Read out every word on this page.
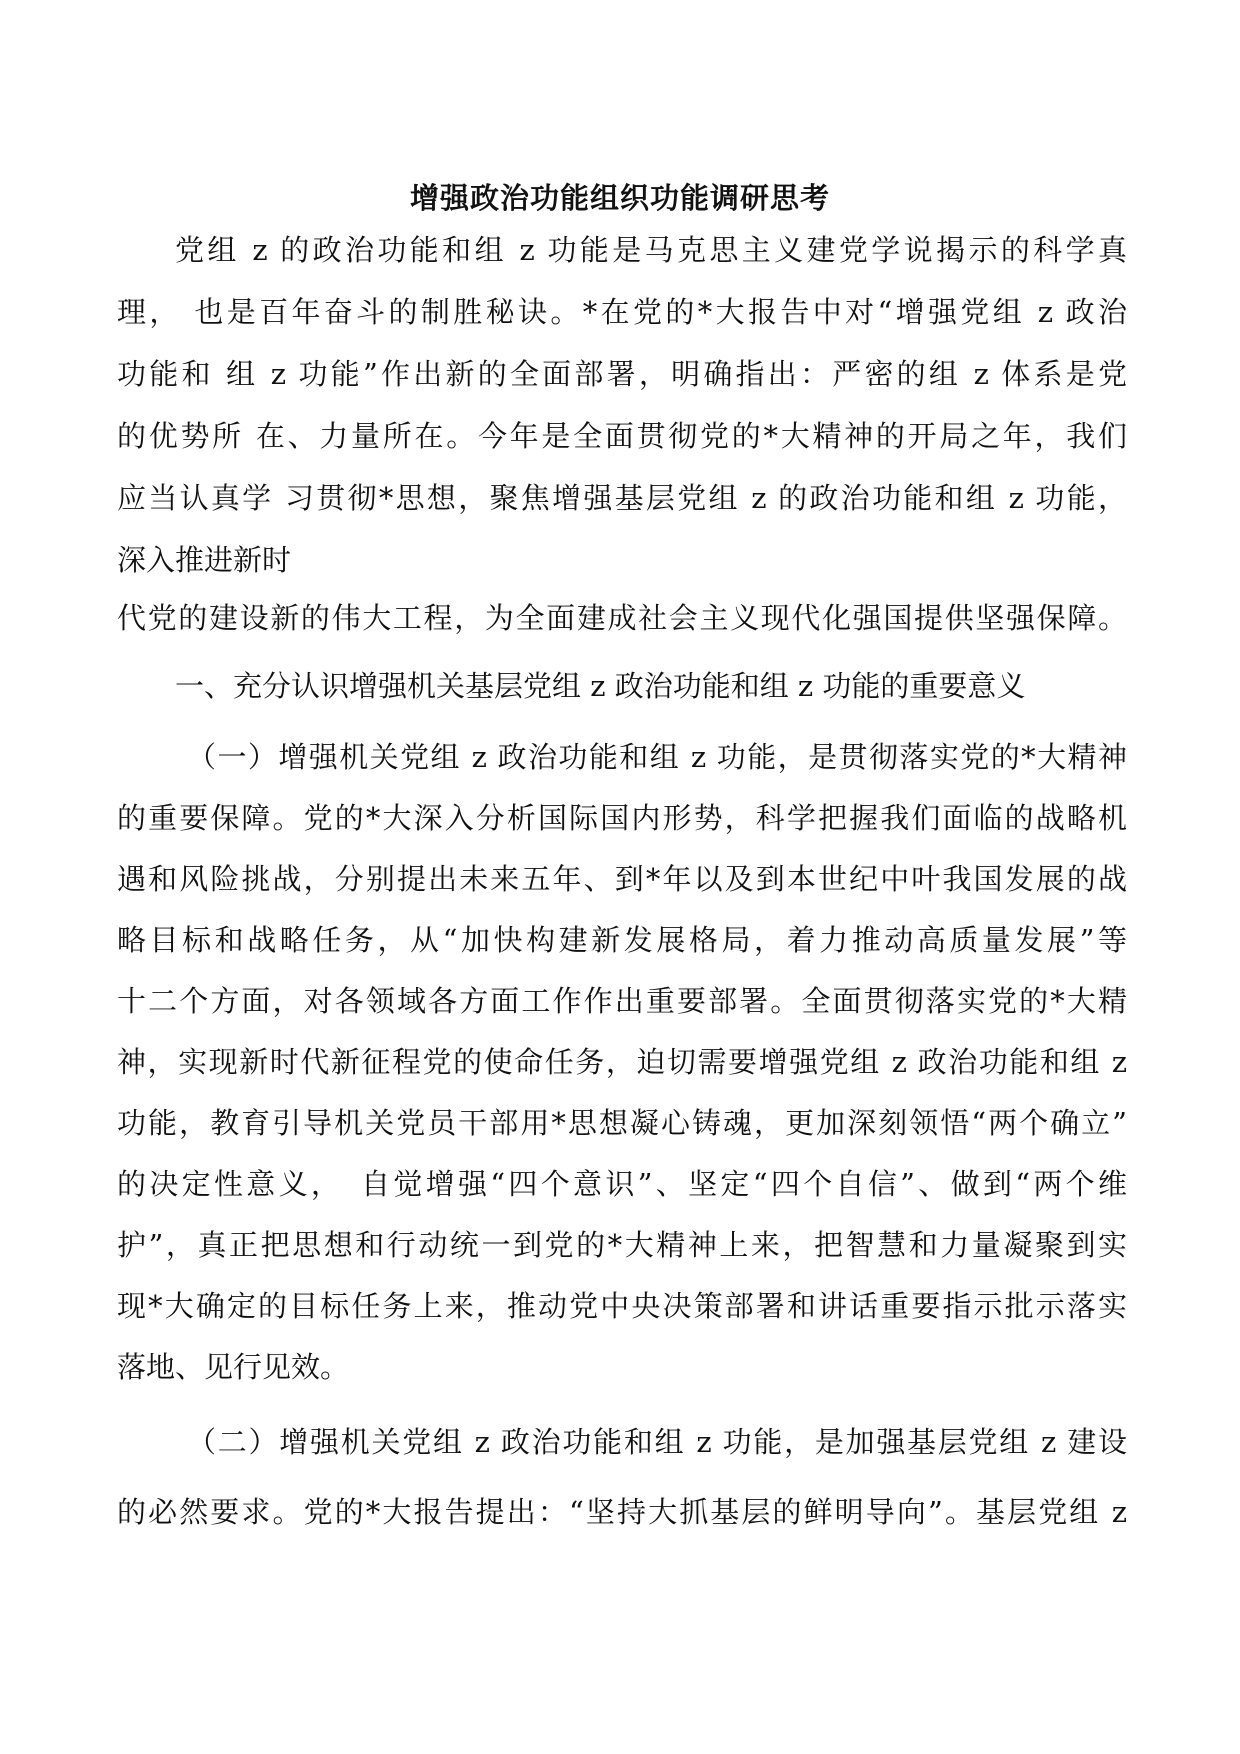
增强政治功能组织功能调研思考
党组 z 的政治功能和组 z 功能是马克思主义建党学说揭示的科学真
理， 也是百年奋斗的制胜秘诀。*在党的*大报告中对“增强党组 z 政治
功能和 组 z 功能”作出新的全面部署，明确指出：严密的组 z 体系是党
的优势所 在、力量所在。今年是全面贯彻党的*大精神的开局之年，我们
应当认真学 习贯彻*思想，聚焦增强基层党组 z 的政治功能和组 z 功能，
深入推进新时
代党的建设新的伟大工程，为全面建成社会主义现代化强国提供坚强保障。
一、充分认识增强机关基层党组 z 政治功能和组 z 功能的重要意义
（一）增强机关党组 z 政治功能和组 z 功能，是贯彻落实党的*大精神
的重要保障。党的*大深入分析国际国内形势，科学把握我们面临的战略机
遇和风险挑战，分别提出未来五年、到*年以及到本世纪中叶我国发展的战
略目标和战略任务，从“加快构建新发展格局，着力推动高质量发展”等
十二个方面，对各领域各方面工作作出重要部署。全面贯彻落实党的*大精
神，实现新时代新征程党的使命任务，迫切需要增强党组 z 政治功能和组 z
功能，教育引导机关党员干部用*思想凝心铸魂，更加深刻领悟“两个确立”
的决定性意义，　自觉增强“四个意识”、坚定“四个自信”、做到“两个维
护”，真正把思想和行动统一到党的*大精神上来，把智慧和力量凝聚到实
现*大确定的目标任务上来，推动党中央决策部署和讲话重要指示批示落实
落地、见行见效。
（二）增强机关党组 z 政治功能和组 z 功能，是加强基层党组 z 建设
的必然要求。党的*大报告提出：“坚持大抓基层的鲜明导向”。基层党组 z
